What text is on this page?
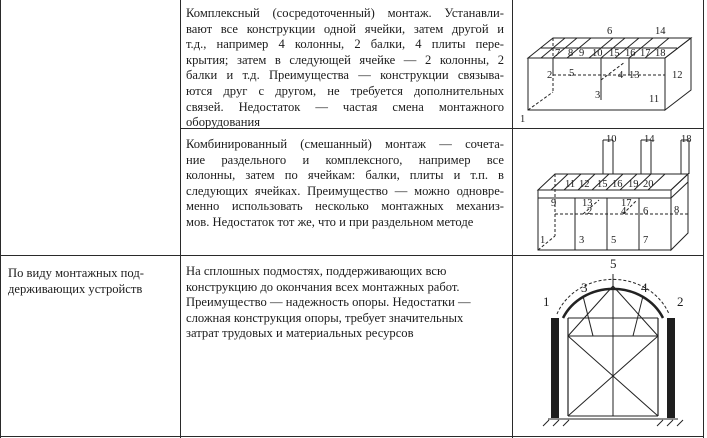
Комплексный (сосредоточенный) монтаж. Устанавли-
вают все конструкции одной ячейки, затем другой и
т.д., например 4 колонны, 2 балки, 4 плиты пере-
крытия; затем в следующей ячейке — 2 колонны, 2
балки и т.д. Преимущества — конструкции связыва-
ются друг с другом, не требуется дополнительных
связей. Недостаток — частая смена монтажного
оборудования
6	14
7 8 9 10 15 16 17 18
2 5	4 13	12
3	11
1
Комбинированный (смешанный) монтаж — сочета-
ние раздельного и комплексного, например все
колонны, затем по ячейкам: балки, плиты и т.п. в
следующих ячейках. Преимущество — можно одновре-
менно использовать несколько монтажных механиз-
мов. Недостаток тот же, что и при раздельном методе
10	14	18
11 12 15 16 19 20
9 13	17
2	4 6 8
1	3	5	7
По виду монтажных под-
держивающих устройств
На сплошных подмостях, поддерживающих всю
конструкцию до окончания всех монтажных работ.
Преимущество — надежность опоры. Недостатки —
сложная конструкция опоры, требует значительных
затрат трудовых и материальных ресурсов
3
5
4
1	2
